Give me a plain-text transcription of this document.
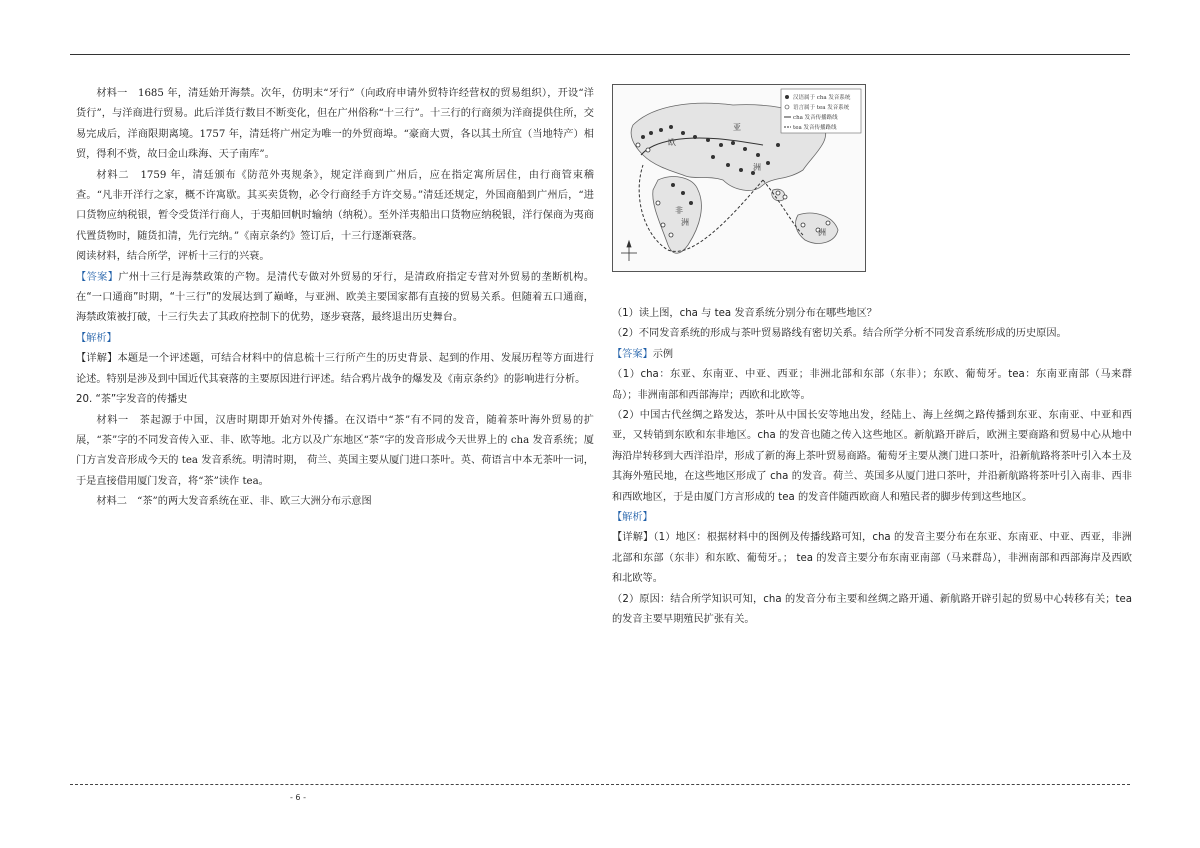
材料一　1685 年，清廷始开海禁。次年，仿明末“牙行”（向政府申请外贸特许经营权的贸易组织），开设“洋货行”，与洋商进行贸易。此后洋货行数目不断变化，但在广州俗称“十三行”。十三行的行商须为洋商提供住所，交易完成后，洋商限期离境。1757 年，清廷将广州定为唯一的外贸商埠。“豪商大贾，各以其土所宜（当地特产）相贸，得利不赀，故曰金山珠海、天子南库”。

材料二　1759 年，清廷颁布《防范外夷规条》，规定洋商到广州后，应在指定寓所居住，由行商管束稽查。“凡非开洋行之家，概不许寓歇。其买卖货物，必令行商经手方许交易。”清廷还规定，外国商船到广州后，“进口货物应纳税银，暂令受货洋行商人，于夷船回帆时输纳（纳税）。至外洋夷船出口货物应纳税银，洋行保商为夷商代置货物时，随货扣清，先行完纳。”《南京条约》签订后，十三行逐渐衰落。

阅读材料，结合所学，评析十三行的兴衰。

【答案】广州十三行是海禁政策的产物。是清代专做对外贸易的牙行，是清政府指定专营对外贸易的垄断机构。在“一口通商”时期，“十三行”的发展达到了巅峰，与亚洲、欧美主要国家都有直接的贸易关系。但随着五口通商，海禁政策被打破，十三行失去了其政府控制下的优势，逐步衰落，最终退出历史舞台。

【解析】

【详解】本题是一个评述题，可结合材料中的信息梳十三行所产生的历史背景、起到的作用、发展历程等方面进行论述。特别是涉及到中国近代其衰落的主要原因进行评述。结合鸦片战争的爆发及《南京条约》的影响进行分析。

20. “茶”字发音的传播史

材料一　茶起源于中国，汉唐时期即开始对外传播。在汉语中“茶”有不同的发音，随着茶叶海外贸易的扩展，“茶”字的不同发音传入亚、非、欧等地。北方以及广东地区“茶”字的发音形成今天世界上的 cha 发音系统；厦门方言发音形成今天的 tea 发音系统。明清时期， 荷兰、英国主要从厦门进口茶叶。英、荷语言中本无茶叶一词，于是直接借用厦门发音，将“茶”读作 tea。

材料二　“茶”的两大发音系统在亚、非、欧三大洲分布示意图

亚
欧
洲
非
洲
洲
汉语属于 cha 发音系统
语言属于 tea 发音系统
cha 发音传播路线
tea 发音传播路线

（1）读上图，cha 与 tea 发音系统分别分布在哪些地区？

（2）不同发音系统的形成与茶叶贸易路线有密切关系。结合所学分析不同发音系统形成的历史原因。

【答案】示例

（1）cha：东亚、东南亚、中亚、西亚；非洲北部和东部（东非）；东欧、葡萄牙。tea：东南亚南部（马来群岛）；非洲南部和西部海岸；西欧和北欧等。

（2）中国古代丝绸之路发达，茶叶从中国长安等地出发，经陆上、海上丝绸之路传播到东亚、东南亚、中亚和西亚，又转销到东欧和东非地区。cha 的发音也随之传入这些地区。新航路开辟后，欧洲主要商路和贸易中心从地中海沿岸转移到大西洋沿岸，形成了新的海上茶叶贸易商路。葡萄牙主要从澳门进口茶叶，沿新航路将茶叶引入本土及其海外殖民地，在这些地区形成了 cha 的发音。荷兰、英国多从厦门进口茶叶，并沿新航路将茶叶引入南非、西非和西欧地区，于是由厦门方言形成的 tea 的发音伴随西欧商人和殖民者的脚步传到这些地区。

【解析】

【详解】（1）地区：根据材料中的图例及传播线路可知，cha 的发音主要分布在东亚、东南亚、中亚、西亚，非洲北部和东部（东非）和东欧、葡萄牙。； tea 的发音主要分布东南亚南部（马来群岛），非洲南部和西部海岸及西欧和北欧等。

（2）原因：结合所学知识可知，cha 的发音分布主要和丝绸之路开通、新航路开辟引起的贸易中心转移有关；tea 的发音主要早期殖民扩张有关。

- 6 -
